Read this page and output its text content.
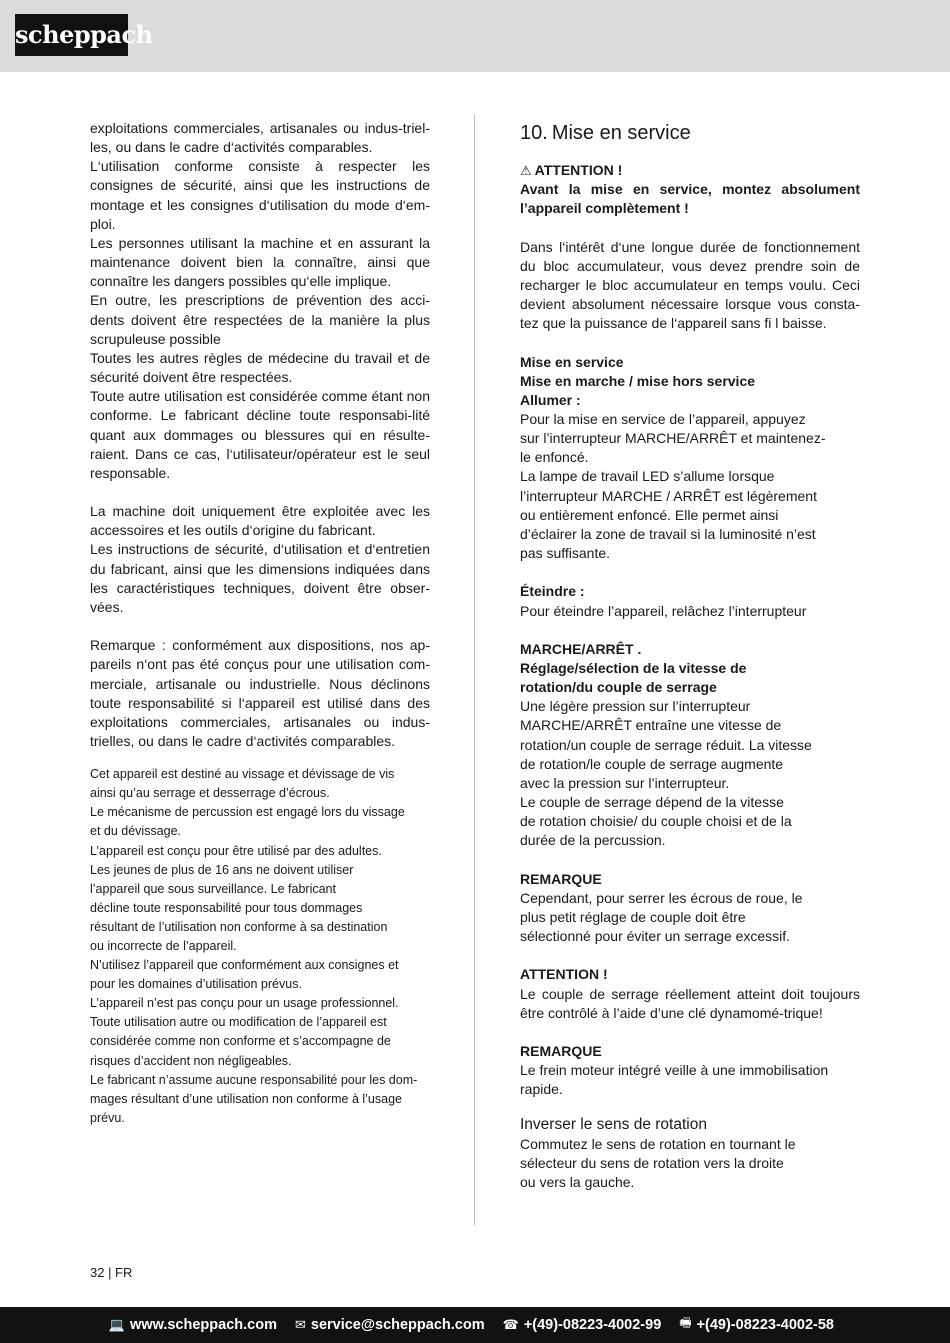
scheppach

exploitations commerciales, artisanales ou indus-trielles, ou dans le cadre d‘activités comparables.

L‘utilisation conforme consiste à respecter les consignes de sécurité, ainsi que les instructions de montage et les consignes d‘utilisation du mode d‘em-ploi.

Les personnes utilisant la machine et en assurant la maintenance doivent bien la connaître, ainsi que connaître les dangers possibles qu‘elle implique.

En outre, les prescriptions de prévention des acci-dents doivent être respectées de la manière la plus scrupuleuse possible

Toutes les autres règles de médecine du travail et de sécurité doivent être respectées.

Toute autre utilisation est considérée comme étant non conforme. Le fabricant décline toute responsabi-lité quant aux dommages ou blessures qui en résulte-raient. Dans ce cas, l‘utilisateur/opérateur est le seul responsable.

La machine doit uniquement être exploitée avec les accessoires et les outils d‘origine du fabricant.

Les instructions de sécurité, d‘utilisation et d‘entretien du fabricant, ainsi que les dimensions indiquées dans les caractéristiques techniques, doivent être obser-vées.

Remarque : conformément aux dispositions, nos ap-pareils n‘ont pas été conçus pour une utilisation com-merciale, artisanale ou industrielle. Nous déclinons toute responsabilité si l‘appareil est utilisé dans des exploitations commerciales, artisanales ou indus-trielles, ou dans le cadre d‘activités comparables.

Cet appareil est destiné au vissage et dévissage de vis

ainsi qu’au serrage et desserrage d’écrous.

Le mécanisme de percussion est engagé lors du vissage

et du dévissage.

L’appareil est conçu pour être utilisé par des adultes.

Les jeunes de plus de 16 ans ne doivent utiliser

l’appareil que sous surveillance. Le fabricant

décline toute responsabilité pour tous dommages

résultant de l’utilisation non conforme à sa destination

ou incorrecte de l’appareil.

N’utilisez l’appareil que conformément aux consignes et

pour les domaines d’utilisation prévus.

L’appareil n’est pas conçu pour un usage professionnel.

Toute utilisation autre ou modification de l’appareil est

considérée comme non conforme et s’accompagne de

risques d’accident non négligeables.

Le fabricant n’assume aucune responsabilité pour les dom-

mages résultant d’une utilisation non conforme à l’usage

prévu.

10. Mise en service

⚠ ATTENTION !

Avant la mise en service, montez absolument l’appareil complètement !

Dans l‘intérêt d‘une longue durée de fonctionnement du bloc accumulateur, vous devez prendre soin de recharger le bloc accumulateur en temps voulu. Ceci devient absolument nécessaire lorsque vous consta-tez que la puissance de l‘appareil sans fi l baisse.

Mise en service

Mise en marche / mise hors service

Allumer :

Pour la mise en service de l’appareil, appuyez

sur l’interrupteur MARCHE/ARRÊT et maintenez-

le enfoncé.

La lampe de travail LED s’allume lorsque

l’interrupteur MARCHE / ARRÊT est légèrement

ou entièrement enfoncé. Elle permet ainsi

d’éclairer la zone de travail si la luminosité n’est

pas suffisante.

Éteindre :

Pour éteindre l’appareil, relâchez l’interrupteur

MARCHE/ARRÊT .

Réglage/sélection de la vitesse de

rotation/du couple de serrage

Une légère pression sur l’interrupteur

MARCHE/ARRÊT entraîne une vitesse de

rotation/un couple de serrage réduit. La vitesse

de rotation/le couple de serrage augmente

avec la pression sur l’interrupteur.

Le couple de serrage dépend de la vitesse

de rotation choisie/ du couple choisi et de la

durée de la percussion.

REMARQUE

Cependant, pour serrer les écrous de roue, le

plus petit réglage de couple doit être

sélectionné pour éviter un serrage excessif.

ATTENTION !

Le couple de serrage réellement atteint doit toujours être contrôlé à l’aide d’une clé dynamomé-trique!

REMARQUE

Le frein moteur intégré veille à une immobilisation rapide.

Inverser le sens de rotation

Commutez le sens de rotation en tournant le

sélecteur du sens de rotation vers la droite

ou vers la gauche.

32 | FR
💻 www.scheppach.com ✉ service@scheppach.com ☎ +(49)-08223-4002-99 🖷 +(49)-08223-4002-58
